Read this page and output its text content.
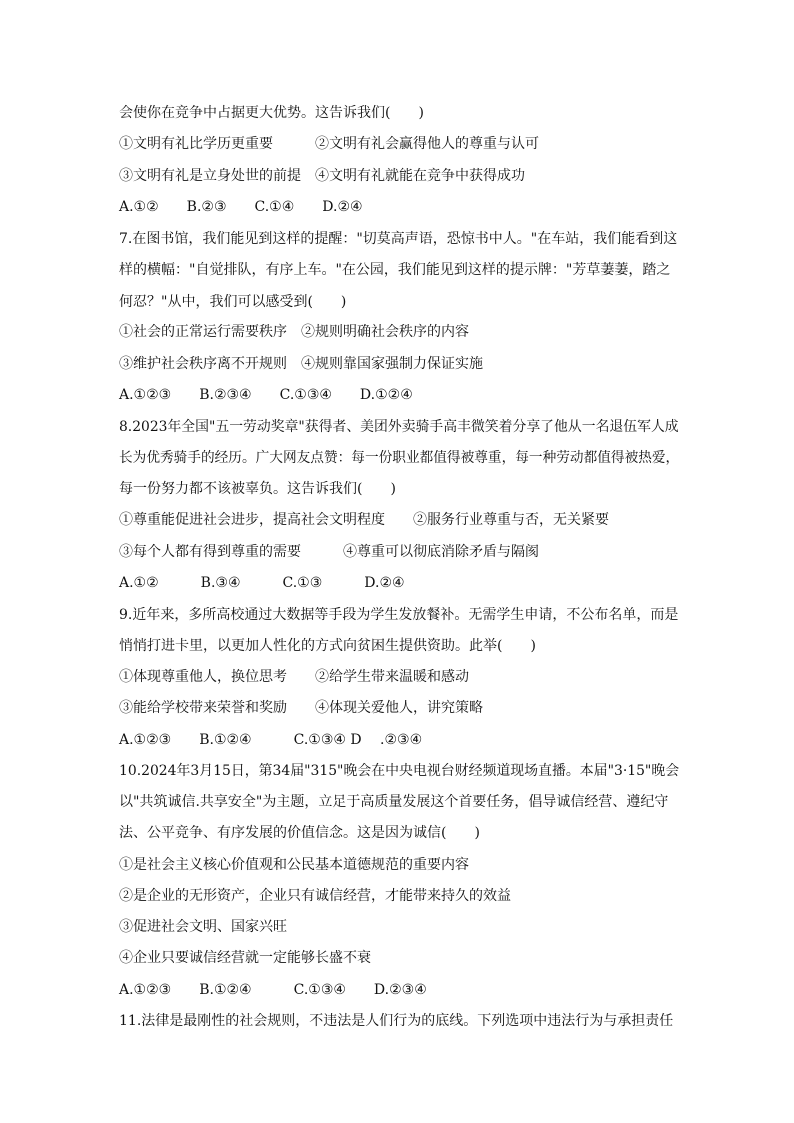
会使你在竞争中占据更大优势。这告诉我们(　　)
①文明有礼比学历更重要　　　②文明有礼会赢得他人的尊重与认可
③文明有礼是立身处世的前提　④文明有礼就能在竞争中获得成功
A.①②　　B.②③　　C.①④　　D.②④
7.在图书馆，我们能见到这样的提醒："切莫高声语，恐惊书中人。"在车站，我们能看到这
样的横幅："自觉排队，有序上车。"在公园，我们能见到这样的提示牌："芳草萋萋，踏之
何忍？"从中，我们可以感受到(　　)
①社会的正常运行需要秩序　②规则明确社会秩序的内容
③维护社会秩序离不开规则　④规则靠国家强制力保证实施
A.①②③　　B.②③④　　C.①③④　　D.①②④
8.2023年全国"五一劳动奖章"获得者、美团外卖骑手高丰微笑着分享了他从一名退伍军人成
长为优秀骑手的经历。广大网友点赞：每一份职业都值得被尊重，每一种劳动都值得被热爱，
每一份努力都不该被辜负。这告诉我们(　　)
①尊重能促进社会进步，提高社会文明程度　　②服务行业尊重与否，无关紧要
③每个人都有得到尊重的需要　　　④尊重可以彻底消除矛盾与隔阂
A.①②　　　B.③④　　　C.①③　　　D.②④
9.近年来，多所高校通过大数据等手段为学生发放餐补。无需学生申请，不公布名单，而是
悄悄打进卡里，以更加人性化的方式向贫困生提供资助。此举(　　)
①体现尊重他人，换位思考　　②给学生带来温暖和感动
③能给学校带来荣誉和奖励　　④体现关爱他人，讲究策略
A.①②③　　B.①②④　　　C.①③④ D　 .②③④
10.2024年3月15日，第34届"315"晚会在中央电视台财经频道现场直播。本届"3·15"晚会
以"共筑诚信.共享安全"为主题，立足于高质量发展这个首要任务，倡导诚信经营、遵纪守
法、公平竞争、有序发展的价值信念。这是因为诚信(　　)
①是社会主义核心价值观和公民基本道德规范的重要内容
②是企业的无形资产，企业只有诚信经营，才能带来持久的效益
③促进社会文明、国家兴旺
④企业只要诚信经营就一定能够长盛不衰
A.①②③　　B.①②④　　　C.①③④　　D.②③④
11.法律是最刚性的社会规则，不违法是人们行为的底线。下列选项中违法行为与承担责任
